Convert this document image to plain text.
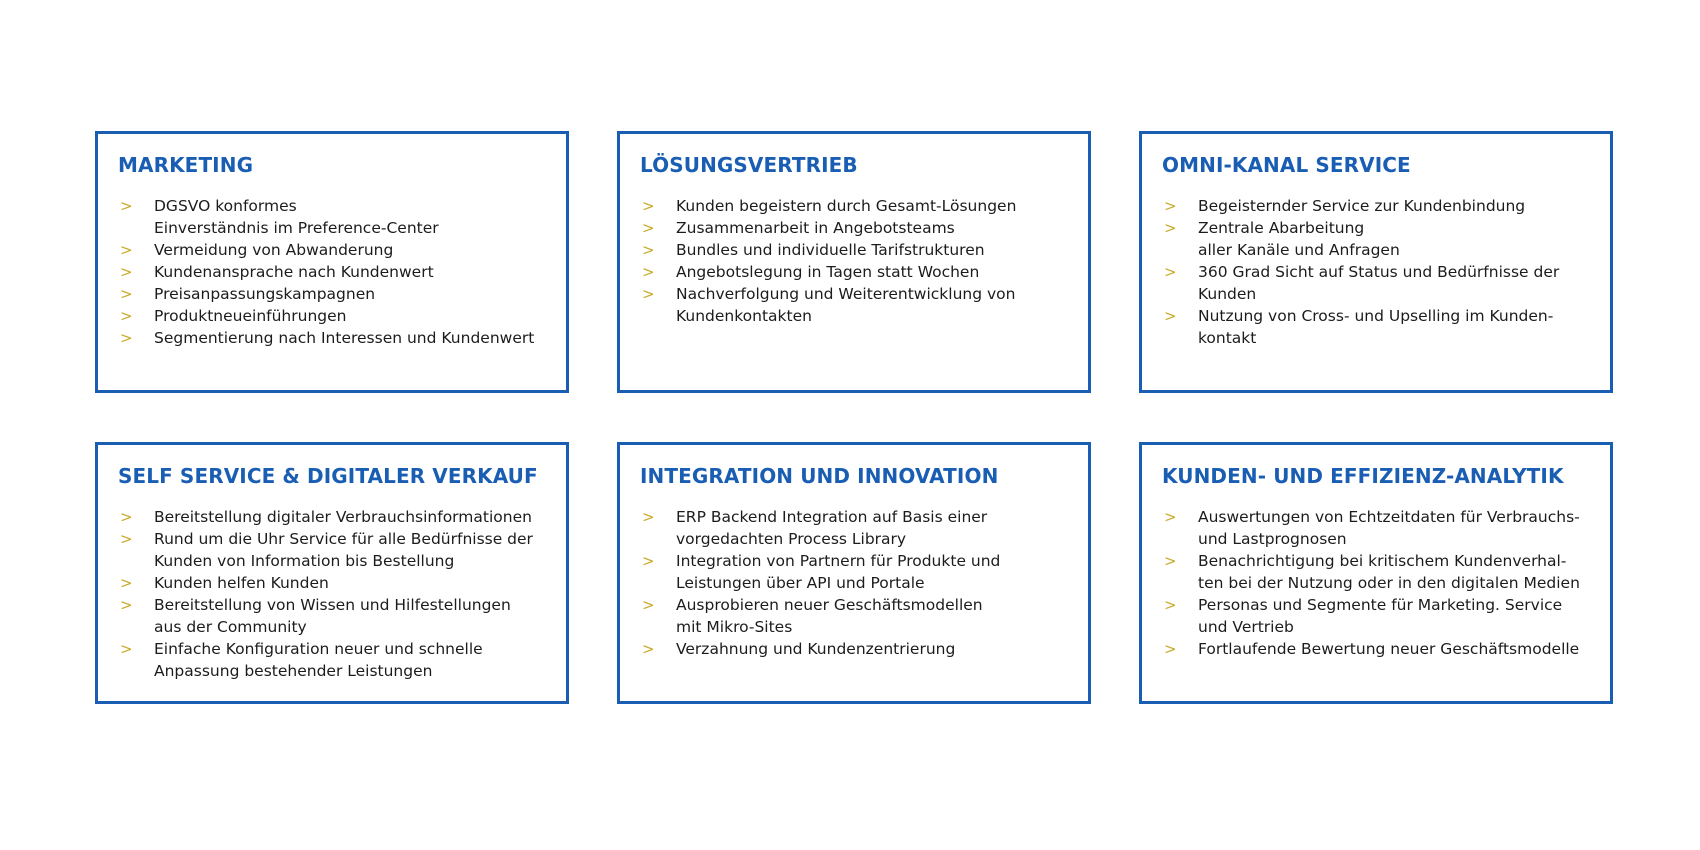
MARKETING
> DGSVO konformes
Einverständnis im Preference-Center
> Vermeidung von Abwanderung
> Kundenansprache nach Kundenwert
> Preisanpassungskampagnen
> Produktneueinführungen
> Segmentierung nach Interessen und Kundenwert
LÖSUNGSVERTRIEB
> Kunden begeistern durch Gesamt-Lösungen
> Zusammenarbeit in Angebotsteams
> Bundles und individuelle Tarifstrukturen
> Angebotslegung in Tagen statt Wochen
> Nachverfolgung und Weiterentwicklung von
Kundenkontakten
OMNI-KANAL SERVICE
> Begeisternder Service zur Kundenbindung
> Zentrale Abarbeitung
aller Kanäle und Anfragen
> 360 Grad Sicht auf Status und Bedürfnisse der
Kunden
> Nutzung von Cross- und Upselling im Kunden-
kontakt
SELF SERVICE & DIGITALER VERKAUF
> Bereitstellung digitaler Verbrauchsinformationen
> Rund um die Uhr Service für alle Bedürfnisse der
Kunden von Information bis Bestellung
> Kunden helfen Kunden
> Bereitstellung von Wissen und Hilfestellungen
aus der Community
> Einfache Konfiguration neuer und schnelle
Anpassung bestehender Leistungen
INTEGRATION UND INNOVATION
> ERP Backend Integration auf Basis einer
vorgedachten Process Library
> Integration von Partnern für Produkte und
Leistungen über API und Portale
> Ausprobieren neuer Geschäftsmodellen
mit Mikro-Sites
> Verzahnung und Kundenzentrierung
KUNDEN- UND EFFIZIENZ-ANALYTIK
> Auswertungen von Echtzeitdaten für Verbrauchs-
und Lastprognosen
> Benachrichtigung bei kritischem Kundenverhal-
ten bei der Nutzung oder in den digitalen Medien
> Personas und Segmente für Marketing. Service
und Vertrieb
> Fortlaufende Bewertung neuer Geschäftsmodelle
